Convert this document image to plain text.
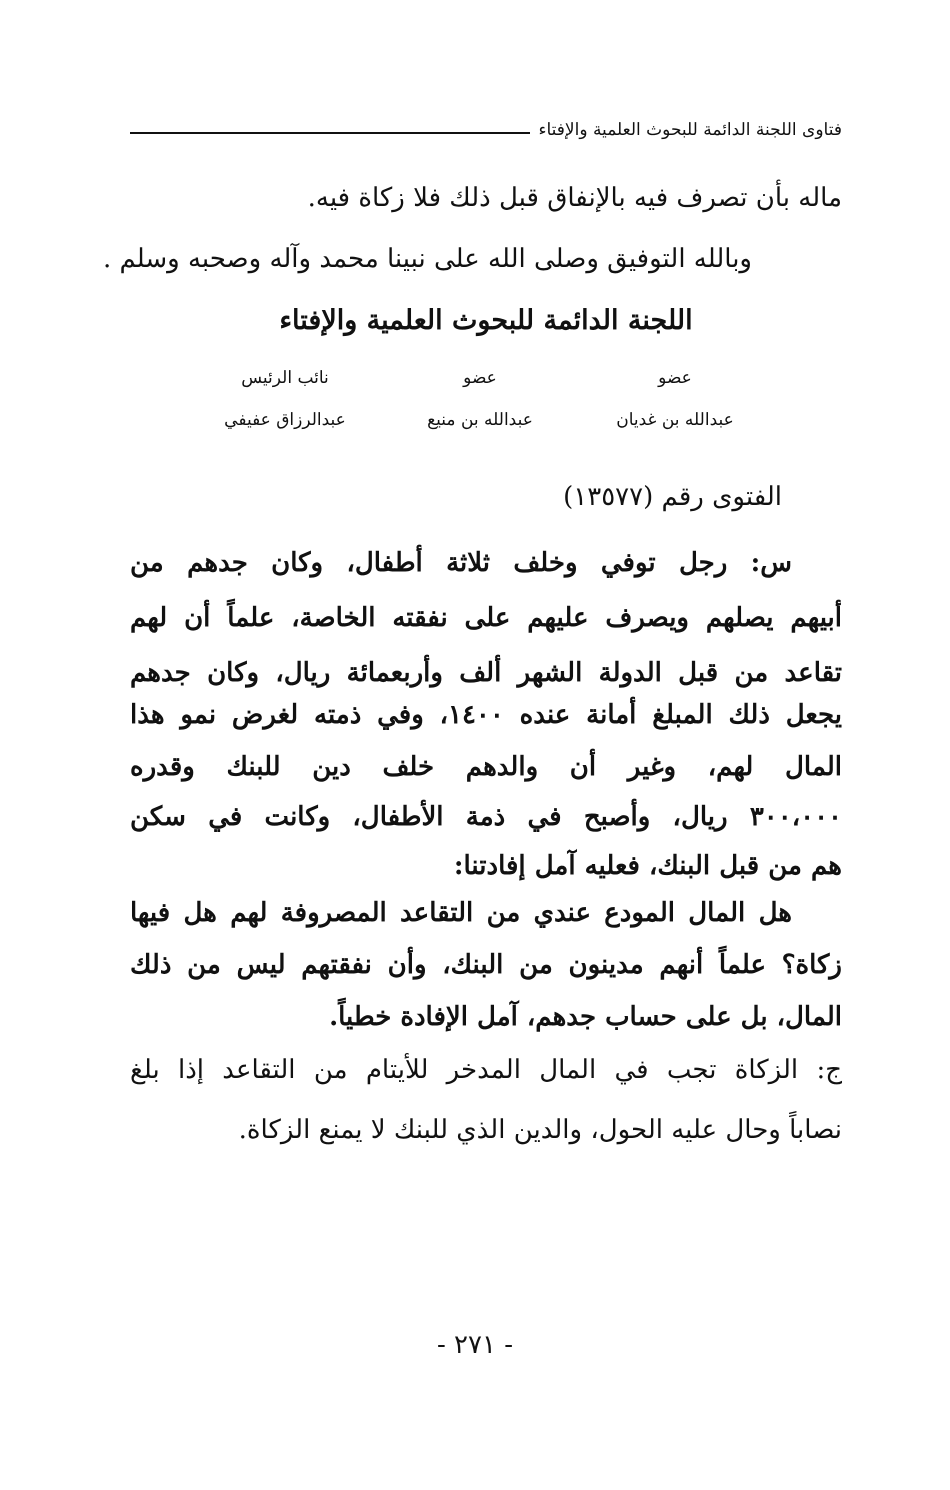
فتاوى اللجنة الدائمة للبحوث العلمية والإفتاء
ماله بأن تصرف فيه بالإنفاق قبل ذلك فلا زكاة فيه.
وبالله التوفيق وصلى الله على نبينا محمد وآله وصحبه وسلم .
اللجنة الدائمة للبحوث العلمية والإفتاء
عضو
عضو
نائب الرئيس
عبدالله بن غديان
عبدالله بن منيع
عبدالرزاق عفيفي
الفتوى رقم (١٣٥٧٧)
س: رجل توفي وخلف ثلاثة أطفال، وكان جدهم من
أبيهم يصلهم ويصرف عليهم على نفقته الخاصة، علماً أن لهم
تقاعد من قبل الدولة الشهر ألف وأربعمائة ريال، وكان جدهم
يجعل ذلك المبلغ أمانة عنده ١٤٠٠، وفي ذمته لغرض نمو هذا
المال لهم، وغير أن والدهم خلف دين للبنك وقدره
٣٠٠،٠٠٠ ريال، وأصبح في ذمة الأطفال، وكانت في سكن
هم من قبل البنك، فعليه آمل إفادتنا:
هل المال المودع عندي من التقاعد المصروفة لهم هل فيها
زكاة؟ علماً أنهم مدينون من البنك، وأن نفقتهم ليس من ذلك
المال، بل على حساب جدهم، آمل الإفادة خطياً.
ج: الزكاة تجب في المال المدخر للأيتام من التقاعد إذا بلغ
نصاباً وحال عليه الحول، والدين الذي للبنك لا يمنع الزكاة.
- ٢٧١ -
